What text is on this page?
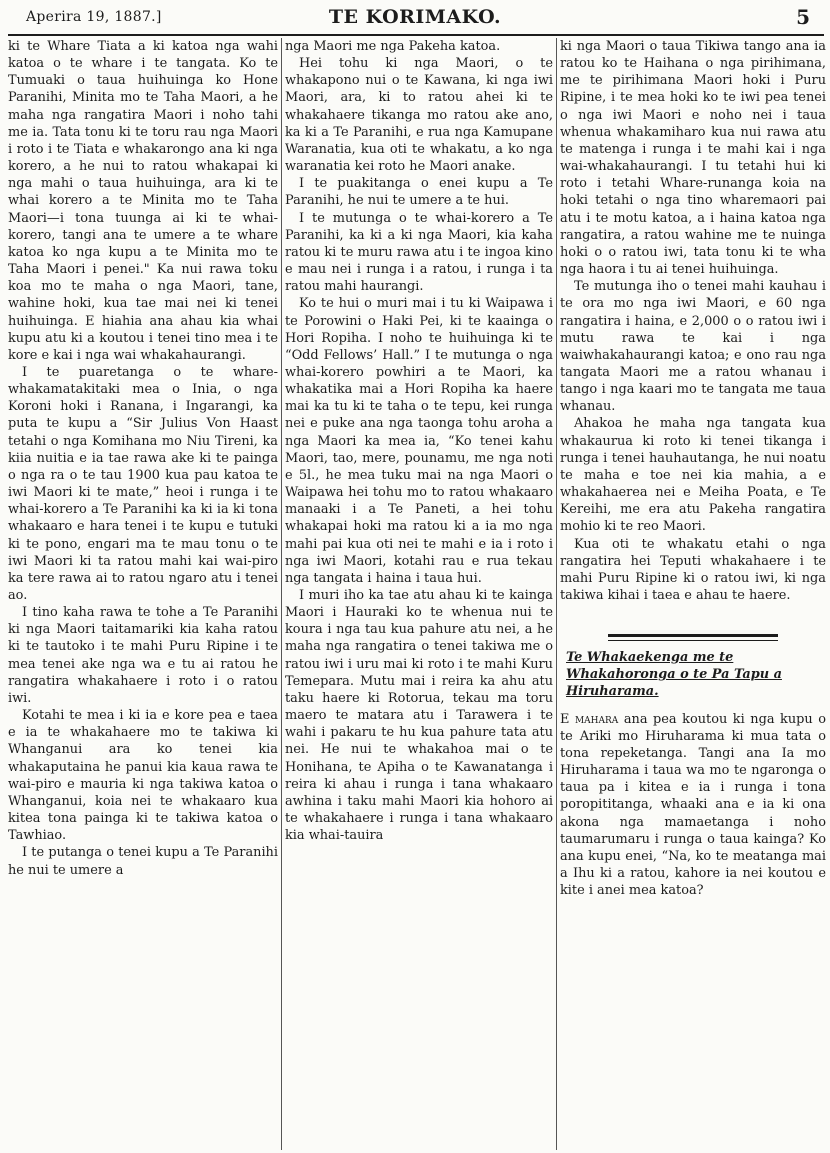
Aperira 19, 1887.]	TE KORIMAKO.	5

ki te Whare Tiata a ki katoa nga wahi katoa o te whare i te tangata. Ko te Tumuaki o taua huihuinga ko Hone Paranihi, Minita mo te Taha Maori, a he maha nga rangatira Maori i noho tahi me ia. Tata tonu ki te toru rau nga Maori i roto i te Tiata e whakarongo ana ki nga korero, a he nui to ratou whakapai ki nga mahi o taua huihuinga, ara ki te whai korero a te Minita mo te Taha Maori—i tona tuunga ai ki te whai-korero, tangi ana te umere a te whare katoa ko nga kupu a te Minita mo te Taha Maori i penei." Ka nui rawa toku koa mo te maha o nga Maori, tane, wahine hoki, kua tae mai nei ki tenei huihuinga. E hiahia ana ahau kia whai kupu atu ki a koutou i tenei tino mea i te kore e kai i nga wai whakahaurangi.

I te puaretanga o te whare-whakamatakitaki mea o Inia, o nga Koroni hoki i Ranana, i Ingarangi, ka puta te kupu a “Sir Julius Von Haast tetahi o nga Komihana mo Niu Tireni, ka kiia nuitia e ia tae rawa ake ki te painga o nga ra o te tau 1900 kua pau katoa te iwi Maori ki te mate,” heoi i runga i te whai-korero a Te Paranihi ka ki ia ki tona whakaaro e hara tenei i te kupu e tutuki ki te pono, engari ma te mau tonu o te iwi Maori ki ta ratou mahi kai wai-piro ka tere rawa ai to ratou ngaro atu i tenei ao.

I tino kaha rawa te tohe a Te Paranihi ki nga Maori taitamariki kia kaha ratou ki te tautoko i te mahi Puru Ripine i te mea tenei ake nga wa e tu ai ratou he rangatira whakahaere i roto i o ratou iwi.

Kotahi te mea i ki ia e kore pea e taea e ia te whakahaere mo te takiwa ki Whanganui ara ko tenei kia whakaputaina he panui kia kaua rawa te wai-piro e mauria ki nga takiwa katoa o Whanganui, koia nei te whakaaro kua kitea tona painga ki te takiwa katoa o Tawhiao.

I te putanga o tenei kupu a Te Paranihi he nui te umere a

nga Maori me nga Pakeha katoa.

Hei tohu ki nga Maori, o te whakapono nui o te Kawana, ki nga iwi Maori, ara, ki to ratou ahei ki te whakahaere tikanga mo ratou ake ano, ka ki a Te Paranihi, e rua nga Kamupane Waranatia, kua oti te whakatu, a ko nga waranatia kei roto he Maori anake.

I te puakitanga o enei kupu a Te Paranihi, he nui te umere a te hui.

I te mutunga o te whai-korero a Te Paranihi, ka ki a ki nga Maori, kia kaha ratou ki te muru rawa atu i te ingoa kino e mau nei i runga i a ratou, i runga i ta ratou mahi haurangi.

Ko te hui o muri mai i tu ki Waipawa i te Porowini o Haki Pei, ki te kaainga o Hori Ropiha. I noho te huihuinga ki te “Odd Fellows’ Hall.” I te mutunga o nga whai-korero powhiri a te Maori, ka whakatika mai a Hori Ropiha ka haere mai ka tu ki te taha o te tepu, kei runga nei e puke ana nga taonga tohu aroha a nga Maori ka mea ia, “Ko tenei kahu Maori, tao, mere, pounamu, me nga noti e 5l., he mea tuku mai na nga Maori o Waipawa hei tohu mo to ratou whakaaro manaaki i a Te Paneti, a hei tohu whakapai hoki ma ratou ki a ia mo nga mahi pai kua oti nei te mahi e ia i roto i nga iwi Maori, kotahi rau e rua tekau nga tangata i haina i taua hui.

I muri iho ka tae atu ahau ki te kainga Maori i Hauraki ko te whenua nui te koura i nga tau kua pahure atu nei, a he maha nga rangatira o tenei takiwa me o ratou iwi i uru mai ki roto i te mahi Kuru Temepara. Mutu mai i reira ka ahu atu taku haere ki Rotorua, tekau ma toru maero te matara atu i Tarawera i te wahi i pakaru te hu kua pahure tata atu nei. He nui te whakahoa mai o te Honihana, te Apiha o te Kawanatanga i reira ki ahau i runga i tana whakaaro awhina i taku mahi Maori kia hohoro ai te whakahaere i runga i tana whakaaro kia whai-tauira

ki nga Maori o taua Tikiwa tango ana ia ratou ko te Haihana o nga pirihimana, me te pirihimana Maori hoki i Puru Ripine, i te mea hoki ko te iwi pea tenei o nga iwi Maori e noho nei i taua whenua whakamiharo kua nui rawa atu te matenga i runga i te mahi kai i nga wai-whakahaurangi. I tu tetahi hui ki roto i tetahi Whare-runanga koia na hoki tetahi o nga tino wharemaori pai atu i te motu katoa, a i haina katoa nga rangatira, a ratou wahine me te nuinga hoki o o ratou iwi, tata tonu ki te wha nga haora i tu ai tenei huihuinga.

Te mutunga iho o tenei mahi kauhau i te ora mo nga iwi Maori, e 60 nga rangatira i haina, e 2,000 o o ratou iwi i mutu rawa te kai i nga waiwhakahaurangi katoa; e ono rau nga tangata Maori me a ratou whanau i tango i nga kaari mo te tangata me taua whanau.

Ahakoa he maha nga tangata kua whakaurua ki roto ki tenei tikanga i runga i tenei hauhautanga, he nui noatu te maha e toe nei kia mahia, a e whakahaerea nei e Meiha Poata, e Te Kereihi, me era atu Pakeha rangatira mohio ki te reo Maori.

Kua oti te whakatu etahi o nga rangatira hei Teputi whakahaere i te mahi Puru Ripine ki o ratou iwi, ki nga takiwa kihai i taea e ahau te haere.

Te Whakaekenga me te Whakahoronga o te Pa Tapu a Hiruharama.

E mahara ana pea koutou ki nga kupu o te Ariki mo Hiruharama ki mua tata o tona repeketanga. Tangi ana Ia mo Hiruharama i taua wa mo te ngaronga o taua pa i kitea e ia i runga i tona poropititanga, whaaki ana e ia ki ona akona nga mamaetanga i noho taumarumaru i runga o taua kainga? Ko ana kupu enei, “Na, ko te meatanga mai a Ihu ki a ratou, kahore ia nei koutou e kite i anei mea katoa?
